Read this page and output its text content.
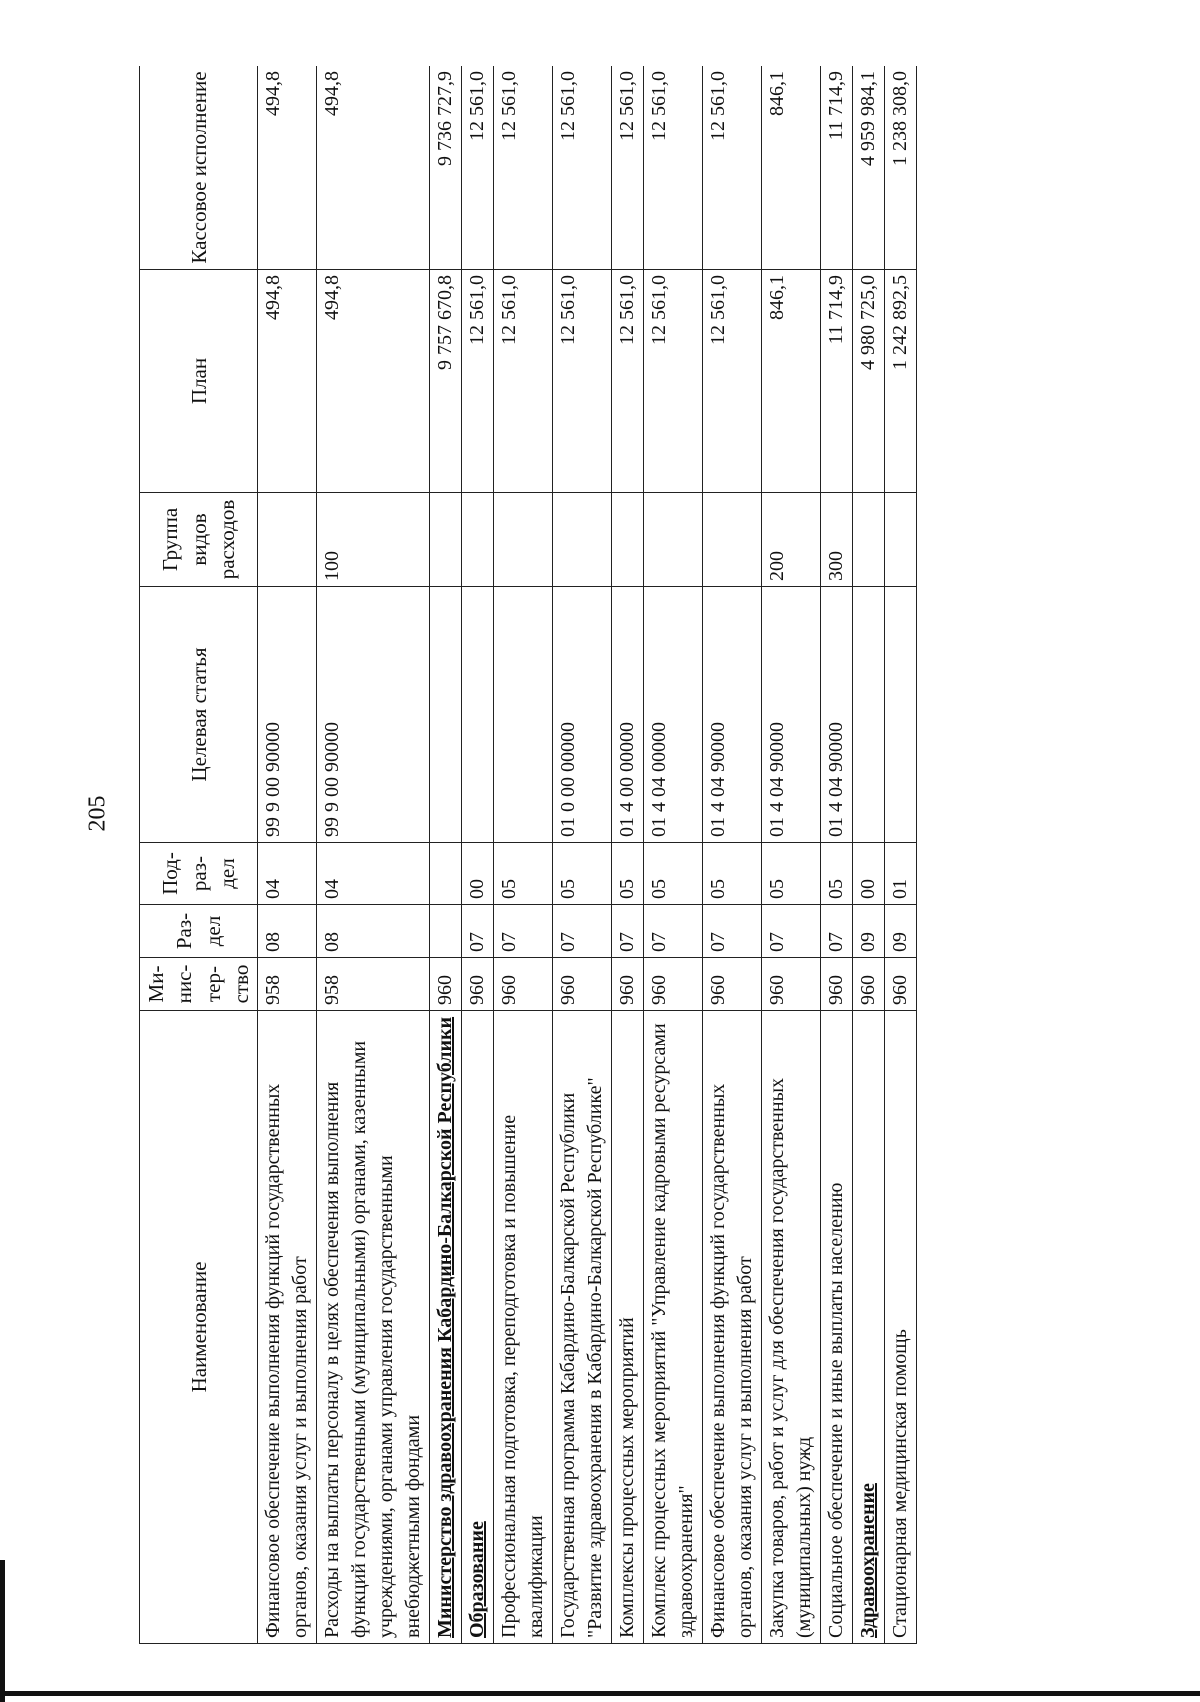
205
Наименование	Ми-нис-тер-ство	Раз-дел	Под-раз-дел	Целевая статья	Группа видов расходов	План	Кассовое исполнение
Финансовое обеспечение выполнения функций государственных органов, оказания услуг и выполнения работ	958	08	04	99 9 00 90000		494,8	494,8
Расходы на выплаты персоналу в целях обеспечения выполнения функций государственными (муниципальными) органами, казенными учреждениями, органами управления государственными внебюджетными фондами	958	08	04	99 9 00 90000	100	494,8	494,8
Министерство здравоохранения Кабардино-Балкарской Республики	960					9 757 670,8	9 736 727,9
Образование	960	07	00			12 561,0	12 561,0
Профессиональная подготовка, переподготовка и повышение квалификации	960	07	05			12 561,0	12 561,0
Государственная программа Кабардино-Балкарской Республики "Развитие здравоохранения в Кабардино-Балкарской Республике"	960	07	05	01 0 00 00000		12 561,0	12 561,0
Комплексы процессных мероприятий	960	07	05	01 4 00 00000		12 561,0	12 561,0
Комплекс процессных мероприятий "Управление кадровыми ресурсами здравоохранения"	960	07	05	01 4 04 00000		12 561,0	12 561,0
Финансовое обеспечение выполнения функций государственных органов, оказания услуг и выполнения работ	960	07	05	01 4 04 90000		12 561,0	12 561,0
Закупка товаров, работ и услуг для обеспечения государственных (муниципальных) нужд	960	07	05	01 4 04 90000	200	846,1	846,1
Социальное обеспечение и иные выплаты населению	960	07	05	01 4 04 90000	300	11 714,9	11 714,9
Здравоохранение	960	09	00			4 980 725,0	4 959 984,1
Стационарная медицинская помощь	960	09	01			1 242 892,5	1 238 308,0
